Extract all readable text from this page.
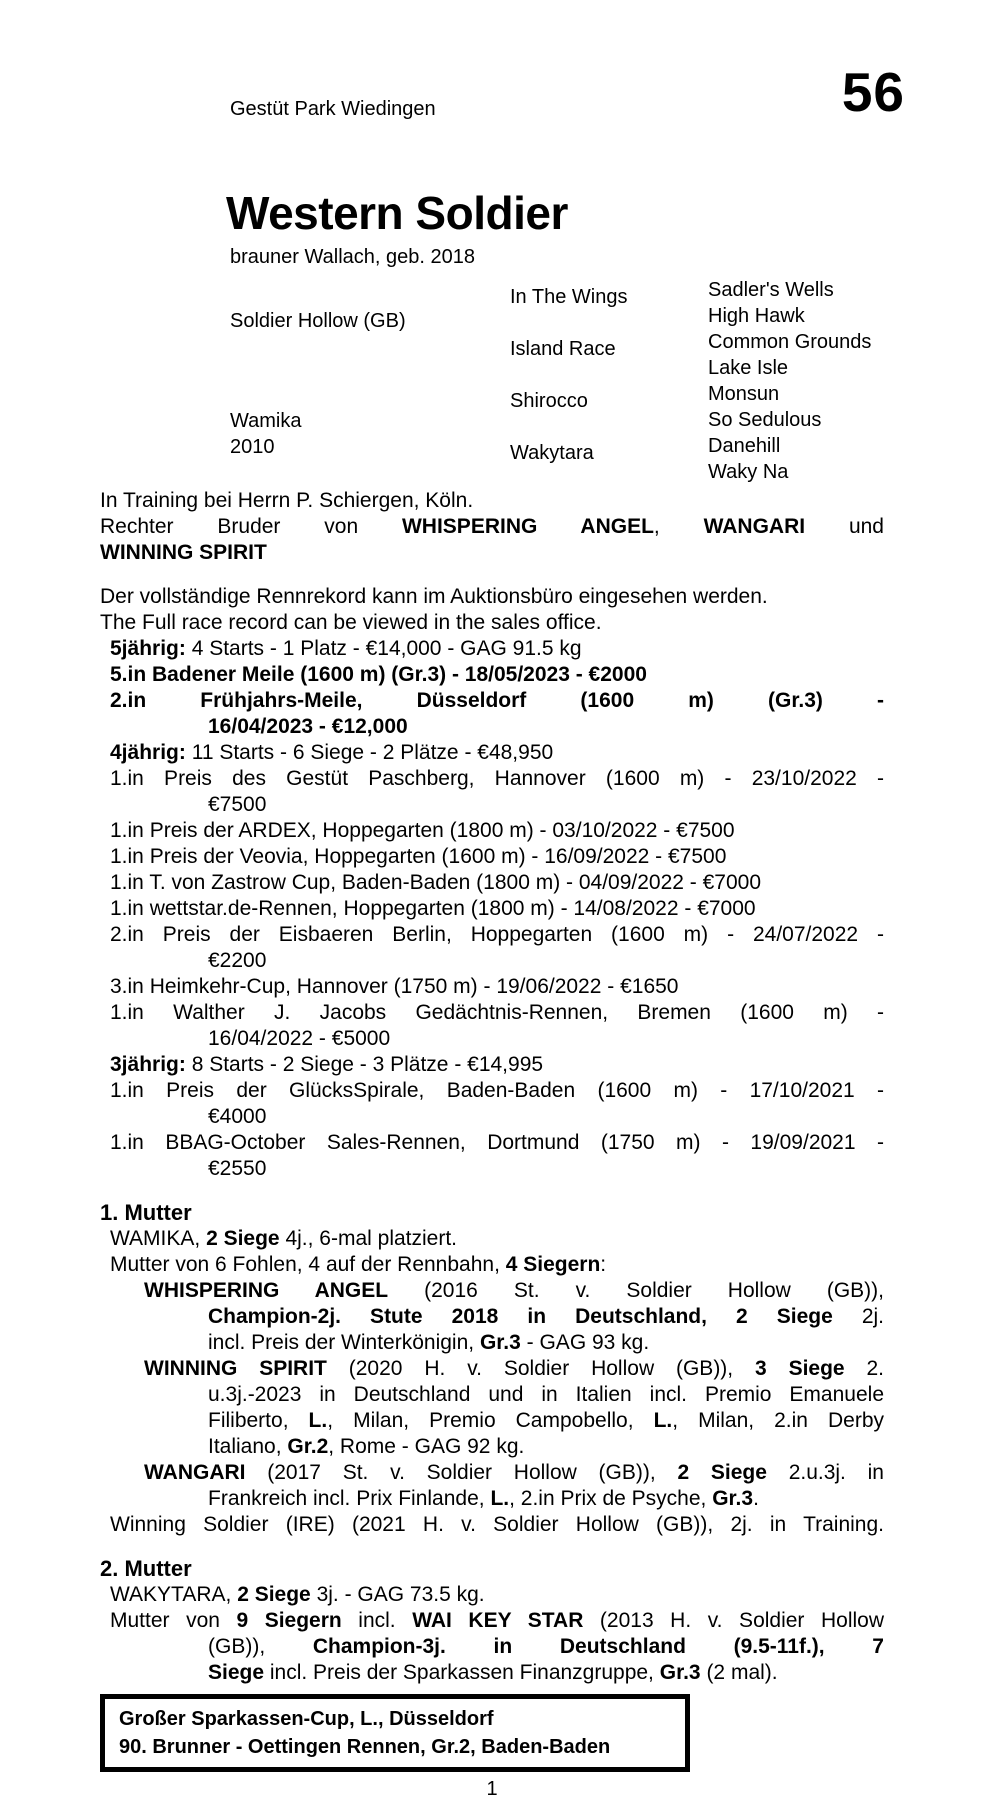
Gestüt Park Wiedingen	56
Western Soldier
brauner Wallach, geb. 2018
Soldier Hollow (GB)
Wamika
2010
In The Wings
Island Race
Shirocco
Wakytara
Sadler's Wells
High Hawk
Common Grounds
Lake Isle
Monsun
So Sedulous
Danehill
Waky Na
In Training bei Herrn P. Schiergen, Köln.
Rechter Bruder von WHISPERING ANGEL, WANGARI und
WINNING SPIRIT
Der vollständige Rennrekord kann im Auktionsbüro eingesehen werden.
The Full race record can be viewed in the sales office.
5jährig: 4 Starts - 1 Platz - €14,000 - GAG 91.5 kg
5.in Badener Meile (1600 m) (Gr.3) - 18/05/2023 - €2000
2.in Frühjahrs-Meile, Düsseldorf (1600 m) (Gr.3) -
16/04/2023 - €12,000
4jährig: 11 Starts - 6 Siege - 2 Plätze - €48,950
1.in Preis des Gestüt Paschberg, Hannover (1600 m) - 23/10/2022 -
€7500
1.in Preis der ARDEX, Hoppegarten (1800 m) - 03/10/2022 - €7500
1.in Preis der Veovia, Hoppegarten (1600 m) - 16/09/2022 - €7500
1.in T. von Zastrow Cup, Baden-Baden (1800 m) - 04/09/2022 - €7000
1.in wettstar.de-Rennen, Hoppegarten (1800 m) - 14/08/2022 - €7000
2.in Preis der Eisbaeren Berlin, Hoppegarten (1600 m) - 24/07/2022 -
€2200
3.in Heimkehr-Cup, Hannover (1750 m) - 19/06/2022 - €1650
1.in Walther J. Jacobs Gedächtnis-Rennen, Bremen (1600 m) -
16/04/2022 - €5000
3jährig: 8 Starts - 2 Siege - 3 Plätze - €14,995
1.in Preis der GlücksSpirale, Baden-Baden (1600 m) - 17/10/2021 -
€4000
1.in BBAG-October Sales-Rennen, Dortmund (1750 m) - 19/09/2021 -
€2550
1. Mutter
WAMIKA, 2 Siege 4j., 6-mal platziert.
Mutter von 6 Fohlen, 4 auf der Rennbahn, 4 Siegern:
WHISPERING ANGEL (2016 St. v. Soldier Hollow (GB)),
Champion-2j. Stute 2018 in Deutschland, 2 Siege 2j.
incl. Preis der Winterkönigin, Gr.3 - GAG 93 kg.
WINNING SPIRIT (2020 H. v. Soldier Hollow (GB)), 3 Siege 2.
u.3j.-2023 in Deutschland und in Italien incl. Premio Emanuele
Filiberto, L., Milan, Premio Campobello, L., Milan, 2.in Derby
Italiano, Gr.2, Rome - GAG 92 kg.
WANGARI (2017 St. v. Soldier Hollow (GB)), 2 Siege 2.u.3j. in
Frankreich incl. Prix Finlande, L., 2.in Prix de Psyche, Gr.3.
Winning Soldier (IRE) (2021 H. v. Soldier Hollow (GB)), 2j. in Training.
2. Mutter
WAKYTARA, 2 Siege 3j. - GAG 73.5 kg.
Mutter von 9 Siegern incl. WAI KEY STAR (2013 H. v. Soldier Hollow
(GB)), Champion-3j. in Deutschland (9.5-11f.), 7
Siege incl. Preis der Sparkassen Finanzgruppe, Gr.3 (2 mal).
Großer Sparkassen-Cup, L., Düsseldorf
90. Brunner - Oettingen Rennen, Gr.2, Baden-Baden
1
